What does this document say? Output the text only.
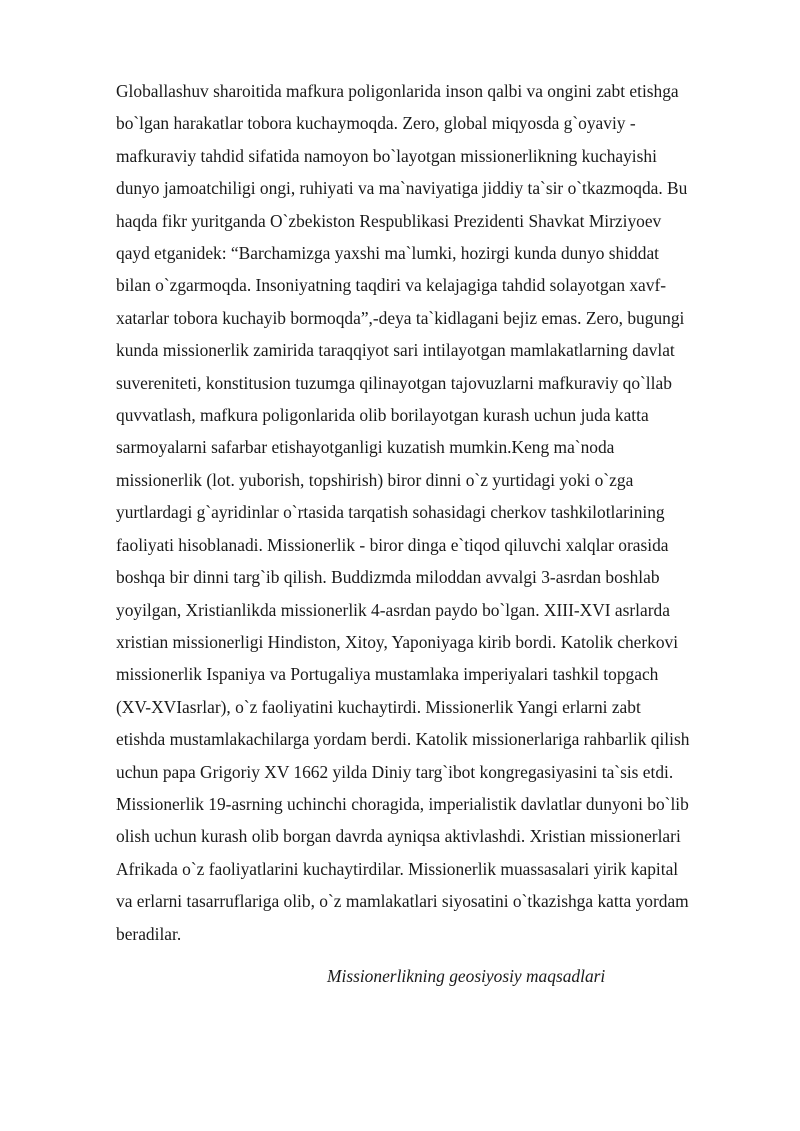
Globallashuv sharoitida mafkura poligonlarida inson qalbi va ongini zabt etishga
bo`lgan harakatlar tobora kuchaymoqda. Zero, global miqyosda g`oyaviy -
mafkuraviy tahdid sifatida namoyon bo`layotgan missionerlikning kuchayishi
dunyo jamoatchiligi ongi, ruhiyati va ma`naviyatiga jiddiy ta`sir o`tkazmoqda. Bu
haqda fikr yuritganda O`zbekiston Respublikasi Prezidenti Shavkat Mirziyoev
qayd etganidek: “Barchamizga yaxshi ma`lumki, hozirgi kunda dunyo shiddat
bilan o`zgarmoqda. Insoniyatning taqdiri va kelajagiga tahdid solayotgan xavf-
xatarlar tobora kuchayib bormoqda”,-deya ta`kidlagani bejiz emas. Zero, bugungi
kunda missionerlik zamirida taraqqiyot sari intilayotgan mamlakatlarning davlat
suvereniteti, konstitusion tuzumga qilinayotgan tajovuzlarni mafkuraviy qo`llab
quvvatlash, mafkura poligonlarida olib borilayotgan kurash uchun juda katta
sarmoyalarni safarbar etishayotganligi kuzatish mumkin.Keng ma`noda
missionerlik (lot. yuborish, topshirish) biror dinni o`z yurtidagi yoki o`zga
yurtlardagi g`ayridinlar o`rtasida tarqatish sohasidagi cherkov tashkilotlarining
faoliyati hisoblanadi. Missionerlik - biror dinga e`tiqod qiluvchi xalqlar orasida
boshqa bir dinni targ`ib qilish. Buddizmda miloddan avvalgi 3-asrdan boshlab
yoyilgan, Xristianlikda missionerlik 4-asrdan paydo bo`lgan. XIII-XVI asrlarda
xristian missionerligi Hindiston, Xitoy, Yaponiyaga kirib bordi. Katolik cherkovi
missionerlik Ispaniya va Portugaliya mustamlaka imperiyalari tashkil topgach
(XV-XVIasrlar), o`z faoliyatini kuchaytirdi. Missionerlik Yangi erlarni zabt
etishda mustamlakachilarga yordam berdi. Katolik missionerlariga rahbarlik qilish
uchun papa Grigoriy XV 1662 yilda Diniy targ`ibot kongregasiyasini ta`sis etdi.
Missionerlik 19-asrning uchinchi choragida, imperialistik davlatlar dunyoni bo`lib
olish uchun kurash olib borgan davrda ayniqsa aktivlashdi. Xristian missionerlari
Afrikada o`z faoliyatlarini kuchaytirdilar. Missionerlik muassasalari yirik kapital
va erlarni tasarruflariga olib, o`z mamlakatlari siyosatini o`tkazishga katta yordam
beradilar.

Missionerlikning geosiyosiy maqsadlari
